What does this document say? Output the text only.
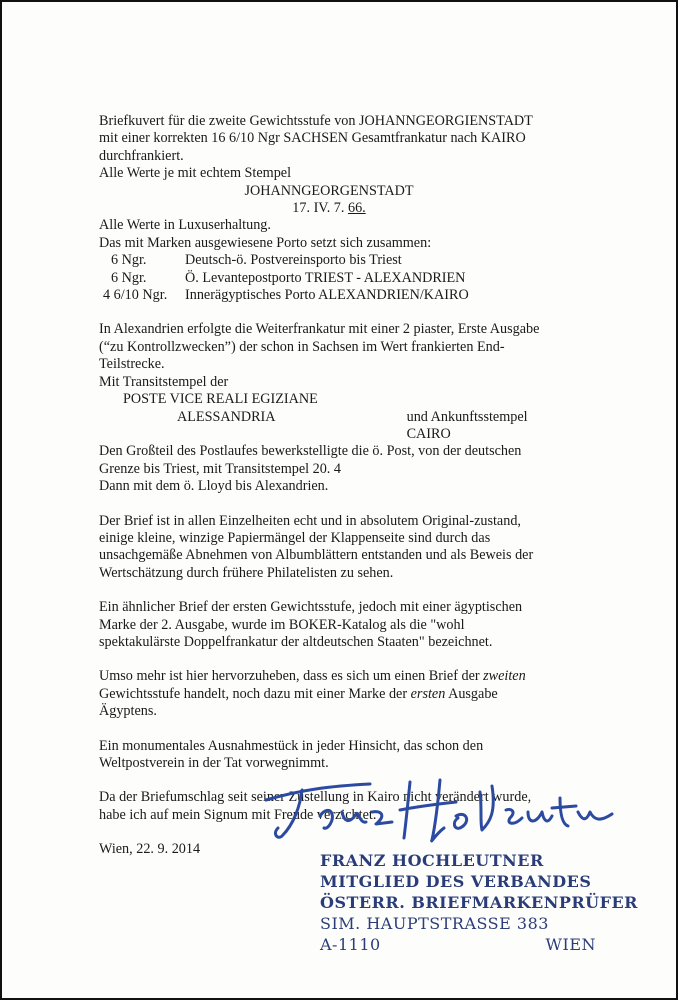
Briefkuvert für die zweite Gewichtsstufe von JOHANNGEORGIENSTADT

mit einer korrekten 16 6/10 Ngr SACHSEN Gesamtfrankatur nach KAIRO

durchfrankiert.

Alle Werte je mit echtem Stempel

JOHANNGEORGENSTADT

17. IV. 7. 66.

Alle Werte in Luxuserhaltung.

Das mit Marken ausgewiesene Porto setzt sich zusammen:

6 Ngr.	Deutsch-ö. Postvereinsporto bis Triest
6 Ngr.	Ö. Levantepostporto TRIEST - ALEXANDRIEN
4 6/10 Ngr.	Innerägyptisches Porto ALEXANDRIEN/KAIRO

In Alexandrien erfolgte die Weiterfrankatur mit einer 2 piaster, Erste Ausgabe

(“zu Kontrollzwecken”) der schon in Sachsen im Wert frankierten End-

Teilstrecke.

Mit Transitstempel der

POSTE VICE REALI EGIZIANE

ALESSANDRIA	und Ankunftsstempel CAIRO

Den Großteil des Postlaufes bewerkstelligte die ö. Post, von der deutschen

Grenze bis Triest, mit Transitstempel 20. 4

Dann mit dem ö. Lloyd bis Alexandrien.

Der Brief ist in allen Einzelheiten echt und in absolutem Original-zustand,

einige kleine, winzige Papiermängel der Klappenseite sind durch das

unsachgemäße Abnehmen von Albumblättern entstanden und als Beweis der

Wertschätzung durch frühere Philatelisten zu sehen.

Ein ähnlicher Brief der ersten Gewichtsstufe, jedoch mit einer ägyptischen

Marke der 2. Ausgabe, wurde im BOKER-Katalog als die "wohl

spektakulärste Doppelfrankatur der altdeutschen Staaten" bezeichnet.

Umso mehr ist hier hervorzuheben, dass es sich um einen Brief der zweiten

Gewichtsstufe handelt, noch dazu mit einer Marke der ersten Ausgabe

Ägyptens.

Ein monumentales Ausnahmestück in jeder Hinsicht, das schon den

Weltpostverein in der Tat vorwegnimmt.

Da der Briefumschlag seit seiner Zustellung in Kairo nicht verändert wurde,

habe ich auf mein Signum mit Freude verzichtet.

Wien, 22. 9. 2014

FRANZ HOCHLEUTNER
MITGLIED DES VERBANDES
ÖSTERR. BRIEFMARKENPRÜFER
SIM. HAUPTSTRASSE 383
A-1110	WIEN
